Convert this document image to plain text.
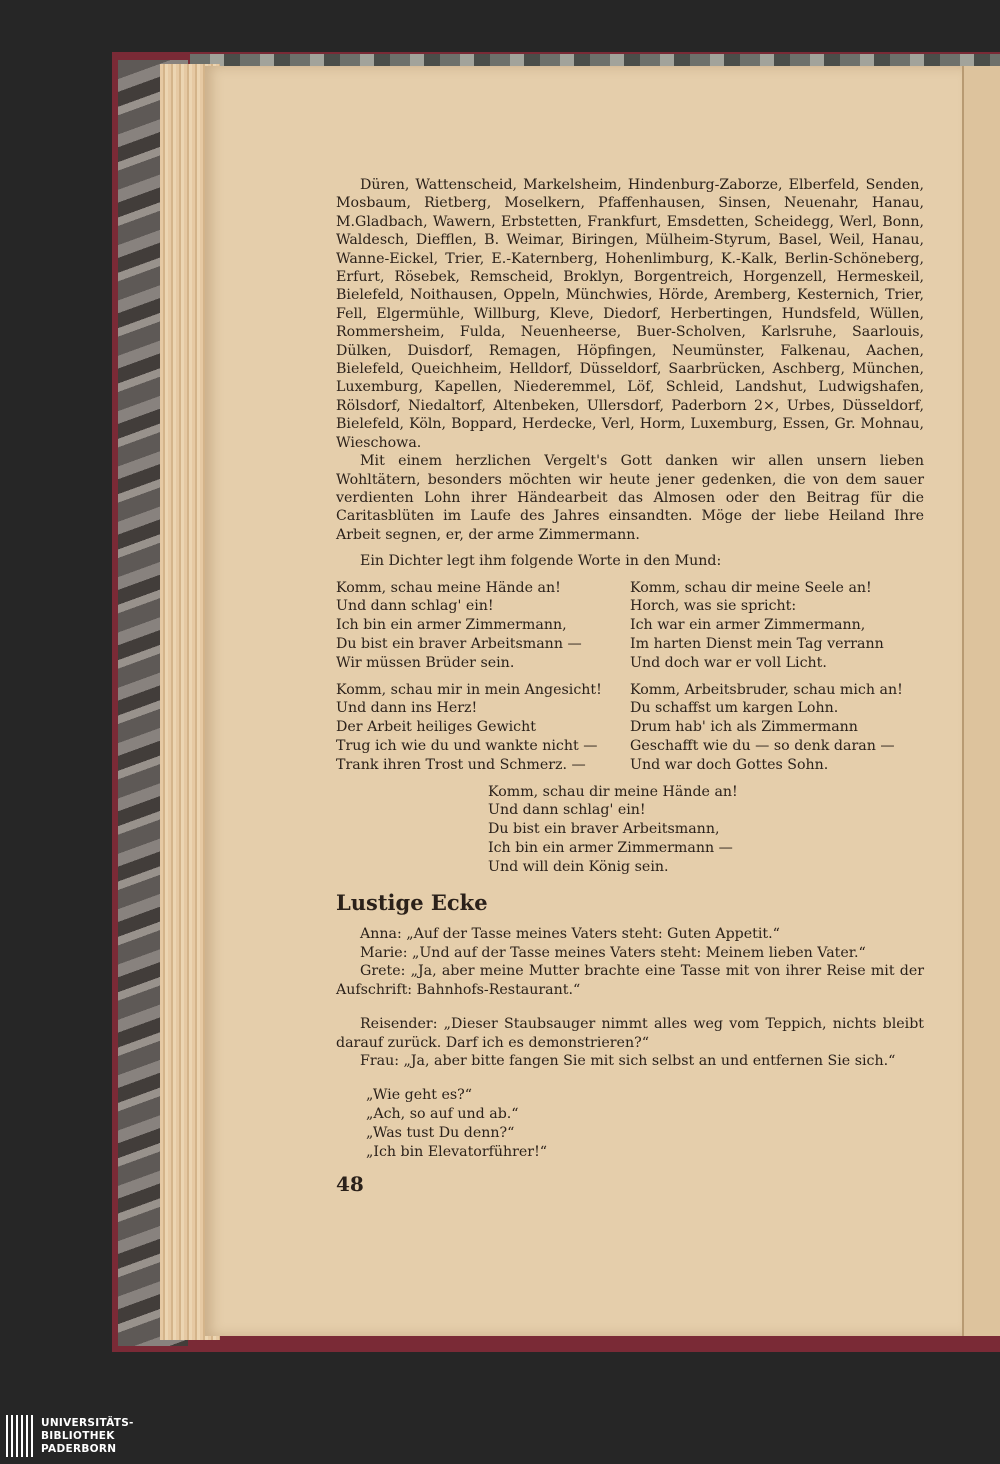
Düren, Wattenscheid, Markelsheim, Hindenburg-Zaborze, Elberfeld, Senden, Mosbaum, Rietberg, Moselkern, Pfaffenhausen, Sinsen, Neuenahr, Hanau, M.Gladbach, Wawern, Erbstetten, Frankfurt, Emsdetten, Scheidegg, Werl, Bonn, Waldesch, Diefflen, B. Weimar, Biringen, Mülheim-Styrum, Basel, Weil, Hanau, Wanne-Eickel, Trier, E.-Katernberg, Hohenlimburg, K.-Kalk, Berlin-Schöneberg, Erfurt, Rösebek, Remscheid, Broklyn, Borgentreich, Horgenzell, Hermeskeil, Bielefeld, Noithausen, Oppeln, Münchwies, Hörde, Aremberg, Kesternich, Trier, Fell, Elgermühle, Willburg, Kleve, Diedorf, Herbertingen, Hundsfeld, Wüllen, Rommersheim, Fulda, Neuenheerse, Buer-Scholven, Karlsruhe, Saarlouis, Dülken, Duisdorf, Remagen, Höpfingen, Neumünster, Falkenau, Aachen, Bielefeld, Queichheim, Helldorf, Düsseldorf, Saarbrücken, Aschberg, München, Luxemburg, Kapellen, Niederemmel, Löf, Schleid, Landshut, Ludwigshafen, Rölsdorf, Niedaltorf, Altenbeken, Ullersdorf, Paderborn 2×, Urbes, Düsseldorf, Bielefeld, Köln, Boppard, Herdecke, Verl, Horm, Luxemburg, Essen, Gr. Mohnau, Wieschowa.

Mit einem herzlichen Vergelt's Gott danken wir allen unsern lieben Wohltätern, besonders möchten wir heute jener gedenken, die von dem sauer verdienten Lohn ihrer Händearbeit das Almosen oder den Beitrag für die Caritasblüten im Laufe des Jahres einsandten. Möge der liebe Heiland Ihre Arbeit segnen, er, der arme Zimmermann.

Ein Dichter legt ihm folgende Worte in den Mund:

Komm, schau meine Hände an!
Und dann schlag' ein!
Ich bin ein armer Zimmermann,
Du bist ein braver Arbeitsmann —
Wir müssen Brüder sein.
Komm, schau dir meine Seele an!
Horch, was sie spricht:
Ich war ein armer Zimmermann,
Im harten Dienst mein Tag verrann
Und doch war er voll Licht.
Komm, schau mir in mein Angesicht!
Und dann ins Herz!
Der Arbeit heiliges Gewicht
Trug ich wie du und wankte nicht —
Trank ihren Trost und Schmerz. —
Komm, Arbeitsbruder, schau mich an!
Du schaffst um kargen Lohn.
Drum hab' ich als Zimmermann
Geschafft wie du — so denk daran —
Und war doch Gottes Sohn.
Komm, schau dir meine Hände an!
Und dann schlag' ein!
Du bist ein braver Arbeitsmann,
Ich bin ein armer Zimmermann —
Und will dein König sein.
Lustige Ecke

Anna: „Auf der Tasse meines Vaters steht: Guten Appetit.“

Marie: „Und auf der Tasse meines Vaters steht: Meinem lieben Vater.“

Grete: „Ja, aber meine Mutter brachte eine Tasse mit von ihrer Reise mit der Aufschrift: Bahnhofs-Restaurant.“

Reisender: „Dieser Staubsauger nimmt alles weg vom Teppich, nichts bleibt darauf zurück. Darf ich es demonstrieren?“

Frau: „Ja, aber bitte fangen Sie mit sich selbst an und entfernen Sie sich.“

„Wie geht es?“
„Ach, so auf und ab.“
„Was tust Du denn?“
„Ich bin Elevatorführer!“
48
UNIVERSITÄTS-
BIBLIOTHEK
PADERBORN
